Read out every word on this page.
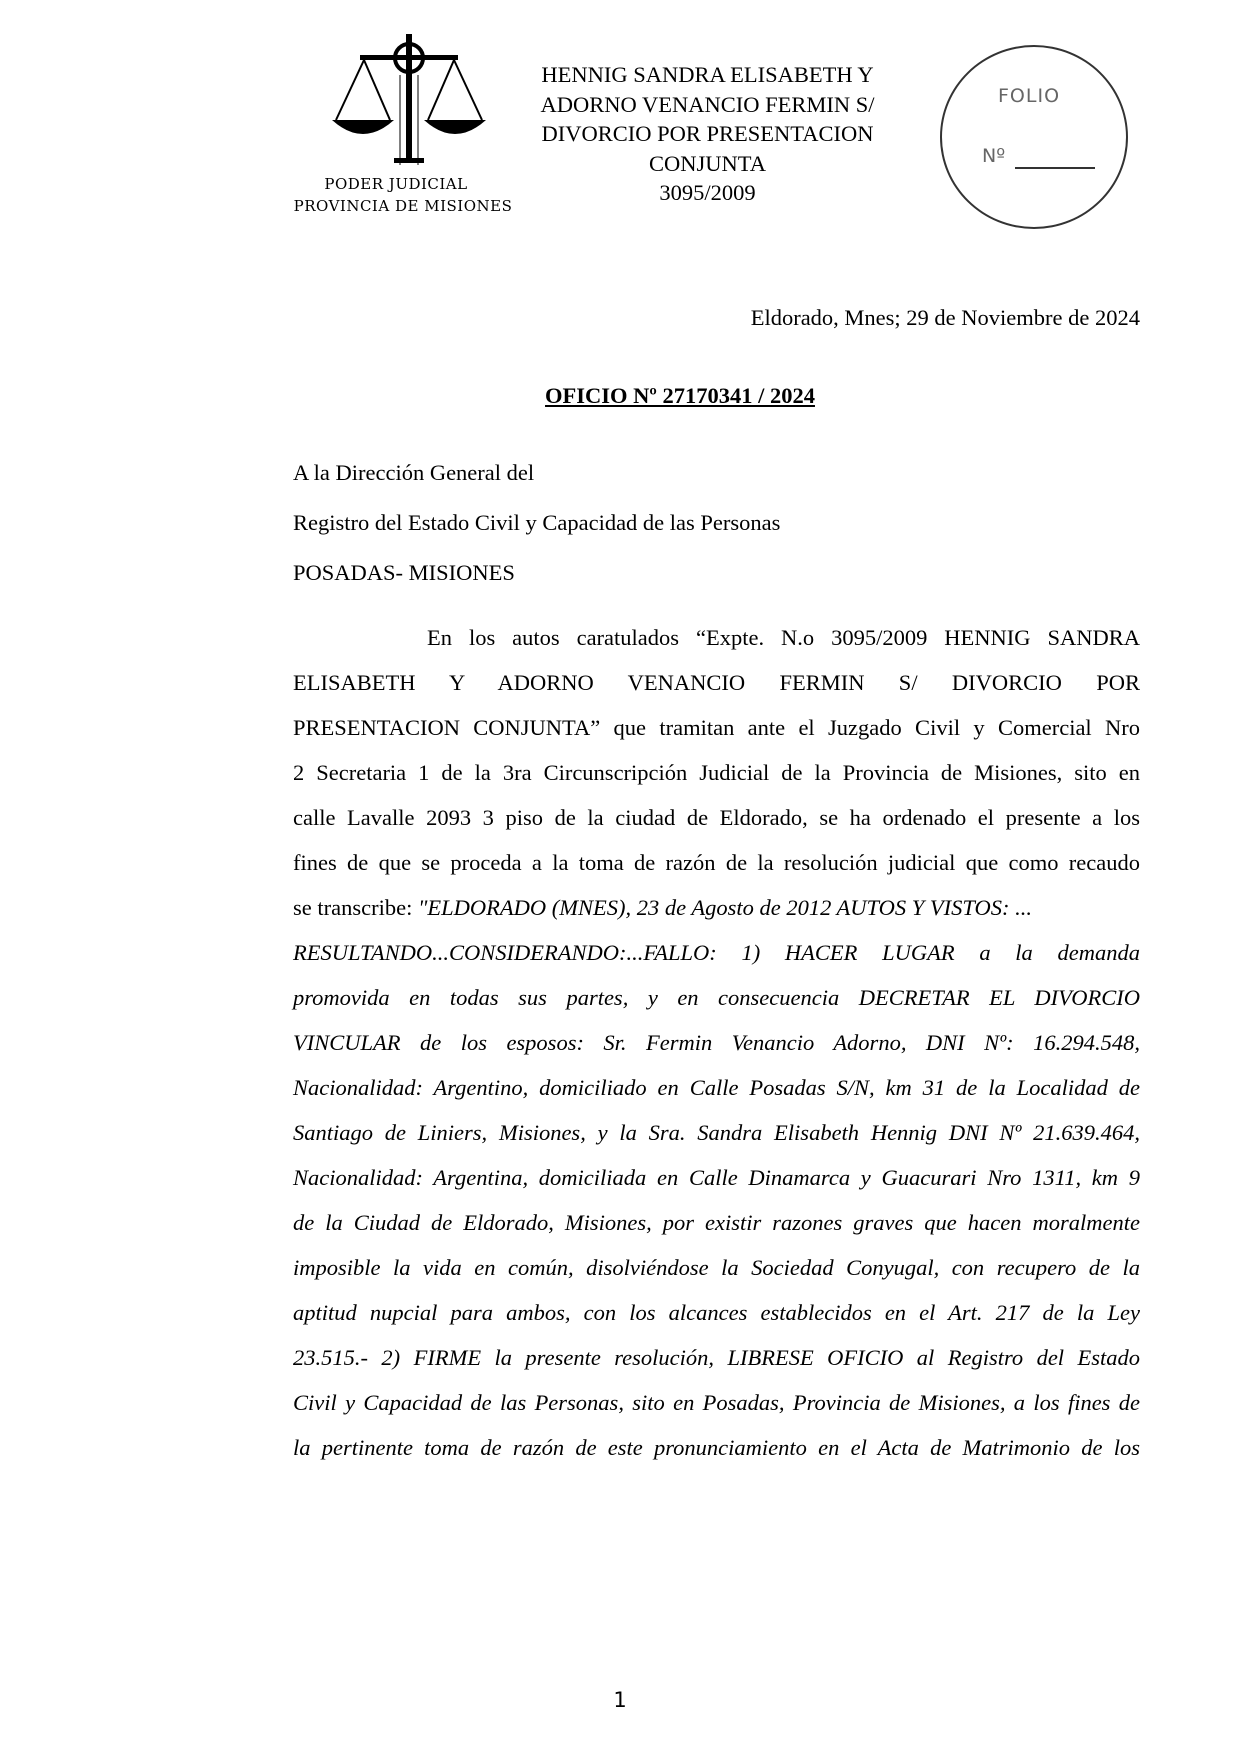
PODER JUDICIAL
PROVINCIA DE MISIONES
HENNIG SANDRA ELISABETH Y
ADORNO VENANCIO FERMIN S/
DIVORCIO POR PRESENTACION
CONJUNTA
3095/2009
FOLIO
Nº
Eldorado, Mnes; 29 de Noviembre de 2024
OFICIO Nº 27170341 / 2024
A la Dirección General del
Registro del Estado Civil y Capacidad de las Personas
POSADAS- MISIONES
En los autos caratulados “Expte. N.o 3095/2009 HENNIG SANDRA
ELISABETH Y ADORNO VENANCIO FERMIN S/ DIVORCIO POR
PRESENTACION CONJUNTA” que tramitan ante el Juzgado Civil y Comercial Nro
2 Secretaria 1 de la 3ra Circunscripción Judicial de la Provincia de Misiones, sito en
calle Lavalle 2093 3 piso de la ciudad de Eldorado, se ha ordenado el presente a los
fines de que se proceda a la toma de razón de la resolución judicial que como recaudo
se transcribe: "ELDORADO (MNES), 23 de Agosto de 2012 AUTOS Y VISTOS: ...
RESULTANDO...CONSIDERANDO:...FALLO: 1) HACER LUGAR a la demanda
promovida en todas sus partes, y en consecuencia DECRETAR EL DIVORCIO
VINCULAR de los esposos: Sr. Fermin Venancio Adorno, DNI Nº: 16.294.548,
Nacionalidad: Argentino, domiciliado en Calle Posadas S/N, km 31 de la Localidad de
Santiago de Liniers, Misiones, y la Sra. Sandra Elisabeth Hennig DNI Nº 21.639.464,
Nacionalidad: Argentina, domiciliada en Calle Dinamarca y Guacurari Nro 1311, km 9
de la Ciudad de Eldorado, Misiones, por existir razones graves que hacen moralmente
imposible la vida en común, disolviéndose la Sociedad Conyugal, con recupero de la
aptitud nupcial para ambos, con los alcances establecidos en el Art. 217 de la Ley
23.515.- 2) FIRME la presente resolución, LIBRESE OFICIO al Registro del Estado
Civil y Capacidad de las Personas, sito en Posadas, Provincia de Misiones, a los fines de
la pertinente toma de razón de este pronunciamiento en el Acta de Matrimonio de los
1
